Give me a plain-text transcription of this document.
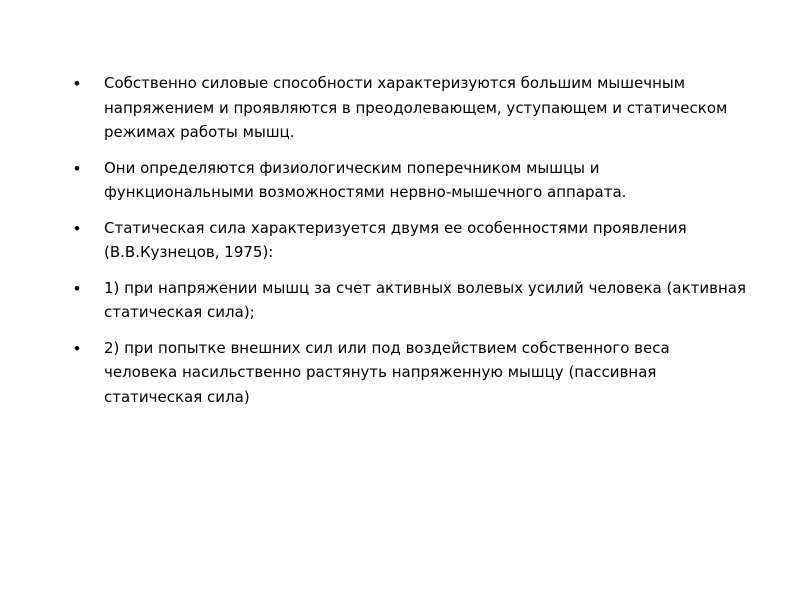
•	Собственно силовые способности характеризуются большим мышечным напряжением и проявляются в преодолевающем, уступающем и статическом режимах работы мышц.
•	Они определяются физиологическим поперечником мышцы и функциональными возможностями нервно-мышечного аппарата.
•	Статическая сила характеризуется двумя ее особенностями проявления (В.В.Кузнецов, 1975):
•	1) при напряжении мышц за счет активных волевых усилий человека (активная статическая сила);
•	2) при попытке внешних сил или под воздействием собственного веса человека насильственно растянуть напряженную мышцу (пассивная статическая сила)
